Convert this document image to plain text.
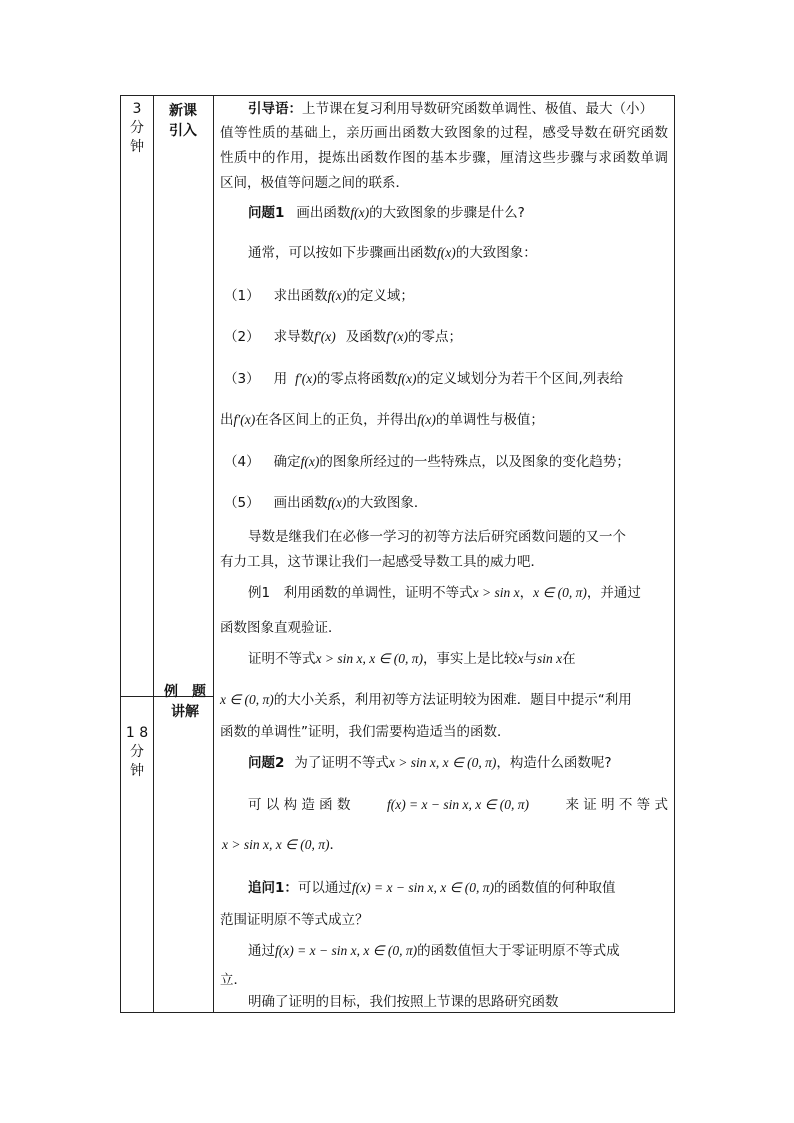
3
分
钟
1 8
分
钟
新课
引入
例　题
讲解
引导语：上节课在复习利用导数研究函数单调性、极值、最大（小）
值等性质的基础上，亲历画出函数大致图象的过程，感受导数在研究函数
性质中的作用，提炼出函数作图的基本步骤，厘清这些步骤与求函数单调
区间，极值等问题之间的联系．
问题1 画出函数f(x)的大致图象的步骤是什么?
通常，可以按如下步骤画出函数f(x)的大致图象：
（1） 求出函数f(x)的定义域；
（2） 求导数f′(x) 及函数f′(x)的零点；
（3） 用 f′(x)的零点将函数f(x)的定义域划分为若干个区间,列表给
出f′(x)在各区间上的正负，并得出f(x)的单调性与极值；
（4） 确定f(x)的图象所经过的一些特殊点，以及图象的变化趋势；
（5） 画出函数f(x)的大致图象．
导数是继我们在必修一学习的初等方法后研究函数问题的又一个
有力工具，这节课让我们一起感受导数工具的威力吧．
例1　利用函数的单调性，证明不等式x > sin x，x ∈ (0, π)，并通过
函数图象直观验证．
证明不等式x > sin x, x ∈ (0, π)，事实上是比较x与sin x在
x ∈ (0, π)的大小关系，利用初等方法证明较为困难．题目中提示“利用
函数的单调性”证明，我们需要构造适当的函数．
问题2 为了证明不等式x > sin x, x ∈ (0, π)，构造什么函数呢?
可 以 构 造 函 数	f(x) = x − sin x, x ∈ (0, π)	来 证 明 不 等 式
x > sin x, x ∈ (0, π)．
追问1：可以通过f(x) = x − sin x, x ∈ (0, π)的函数值的何种取值
范围证明原不等式成立？
通过f(x) = x − sin x, x ∈ (0, π)的函数值恒大于零证明原不等式成
立．
明确了证明的目标，我们按照上节课的思路研究函数
